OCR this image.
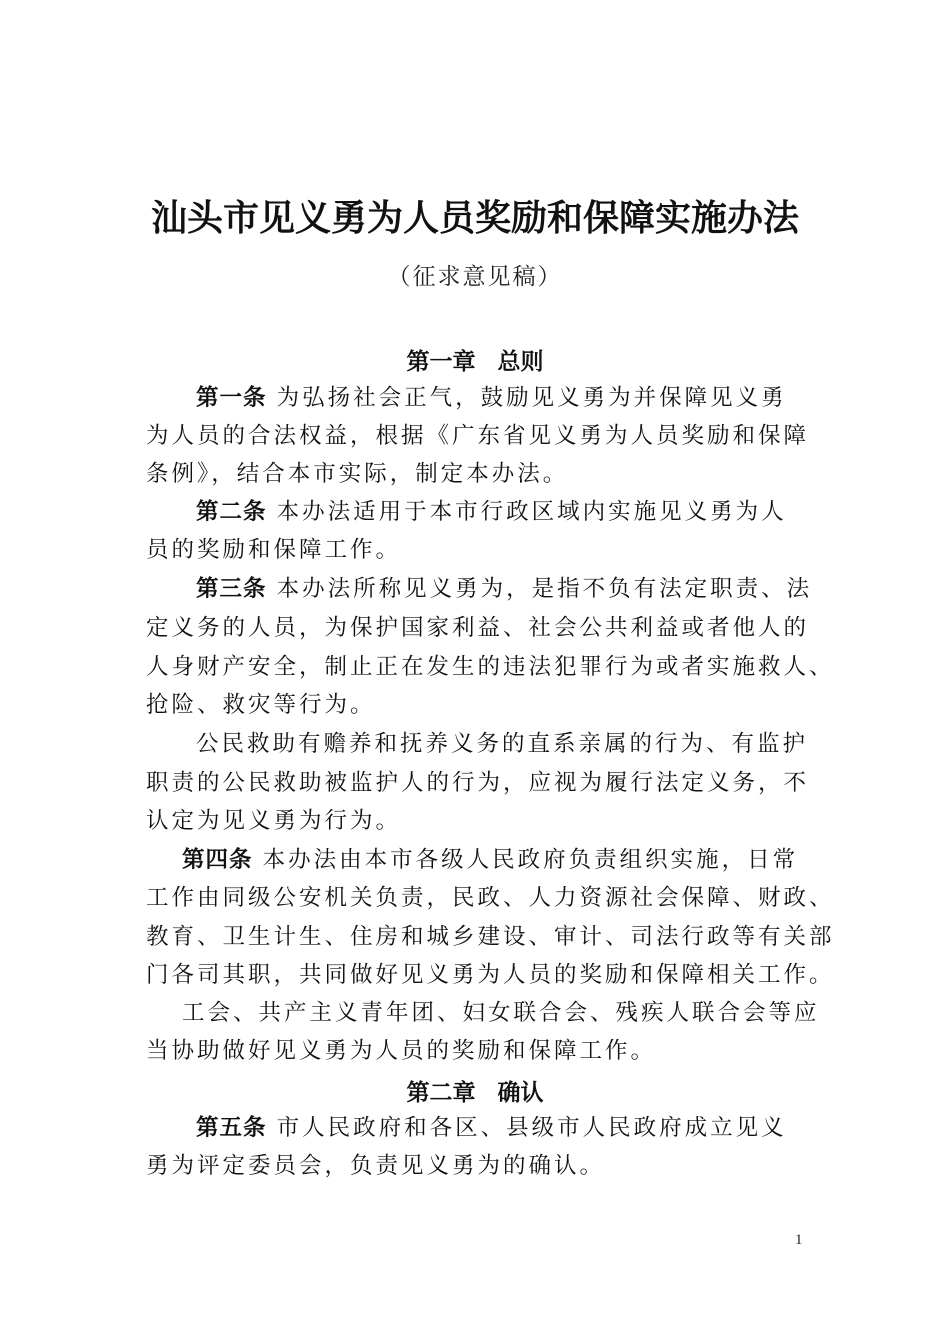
汕头市见义勇为人员奖励和保障实施办法
（征求意见稿）
第一章 总则
第一条 为弘扬社会正气，鼓励见义勇为并保障见义勇
为人员的合法权益，根据《广东省见义勇为人员奖励和保障
条例》，结合本市实际，制定本办法。
第二条 本办法适用于本市行政区域内实施见义勇为人
员的奖励和保障工作。
第三条 本办法所称见义勇为，是指不负有法定职责、法
定义务的人员，为保护国家利益、社会公共利益或者他人的
人身财产安全，制止正在发生的违法犯罪行为或者实施救人、
抢险、救灾等行为。
公民救助有赡养和抚养义务的直系亲属的行为、有监护
职责的公民救助被监护人的行为，应视为履行法定义务，不
认定为见义勇为行为。
第四条 本办法由本市各级人民政府负责组织实施，日常
工作由同级公安机关负责，民政、人力资源社会保障、财政、
教育、卫生计生、住房和城乡建设、审计、司法行政等有关部
门各司其职，共同做好见义勇为人员的奖励和保障相关工作。
工会、共产主义青年团、妇女联合会、残疾人联合会等应
当协助做好见义勇为人员的奖励和保障工作。
第二章 确认
第五条 市人民政府和各区、县级市人民政府成立见义
勇为评定委员会，负责见义勇为的确认。
1
